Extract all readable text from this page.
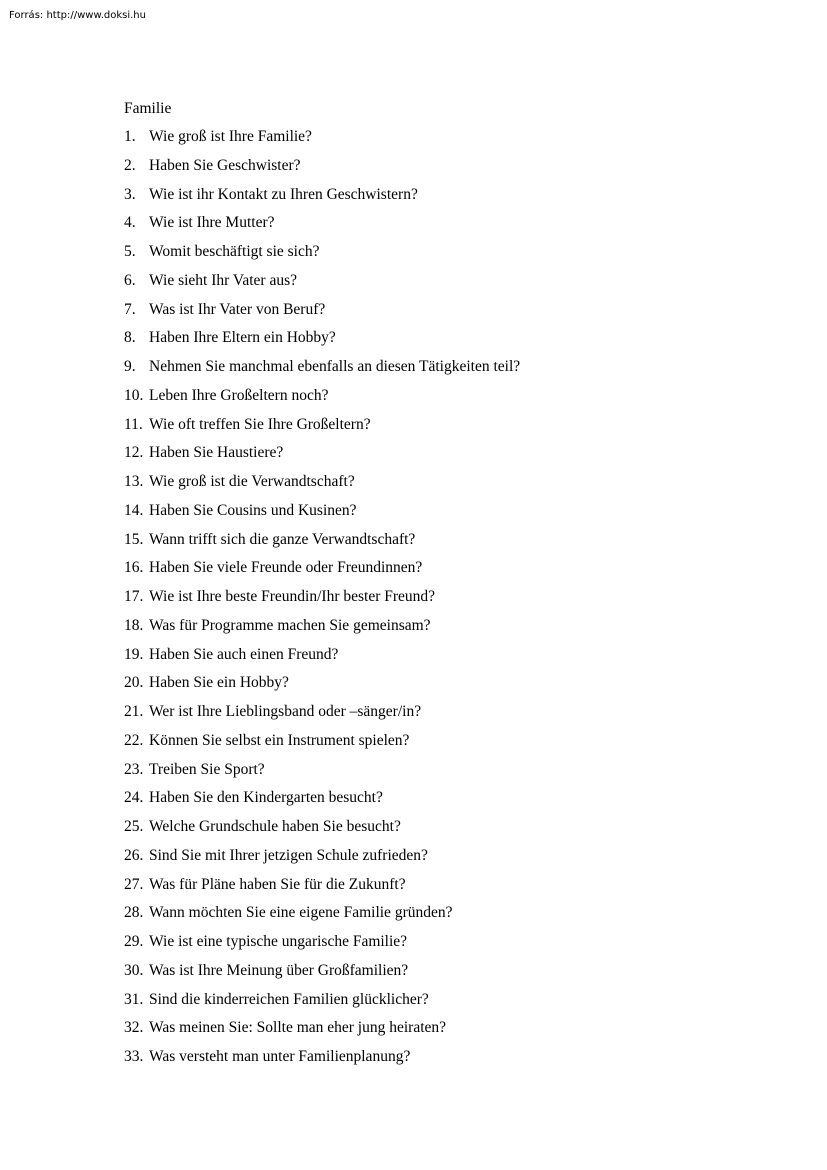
Forrás: http://www.doksi.hu
Familie
1. Wie groß ist Ihre Familie?
2. Haben Sie Geschwister?
3. Wie ist ihr Kontakt zu Ihren Geschwistern?
4. Wie ist Ihre Mutter?
5. Womit beschäftigt sie sich?
6. Wie sieht Ihr Vater aus?
7. Was ist Ihr Vater von Beruf?
8. Haben Ihre Eltern ein Hobby?
9. Nehmen Sie manchmal ebenfalls an diesen Tätigkeiten teil?
10. Leben Ihre Großeltern noch?
11. Wie oft treffen Sie Ihre Großeltern?
12. Haben Sie Haustiere?
13. Wie groß ist die Verwandtschaft?
14. Haben Sie Cousins und Kusinen?
15. Wann trifft sich die ganze Verwandtschaft?
16. Haben Sie viele Freunde oder Freundinnen?
17. Wie ist Ihre beste Freundin/Ihr bester Freund?
18. Was für Programme machen Sie gemeinsam?
19. Haben Sie auch einen Freund?
20. Haben Sie ein Hobby?
21. Wer ist Ihre Lieblingsband oder –sänger/in?
22. Können Sie selbst ein Instrument spielen?
23. Treiben Sie Sport?
24. Haben Sie den Kindergarten besucht?
25. Welche Grundschule haben Sie besucht?
26. Sind Sie mit Ihrer jetzigen Schule zufrieden?
27. Was für Pläne haben Sie für die Zukunft?
28. Wann möchten Sie eine eigene Familie gründen?
29. Wie ist eine typische ungarische Familie?
30. Was ist Ihre Meinung über Großfamilien?
31. Sind die kinderreichen Familien glücklicher?
32. Was meinen Sie: Sollte man eher jung heiraten?
33. Was versteht man unter Familienplanung?
